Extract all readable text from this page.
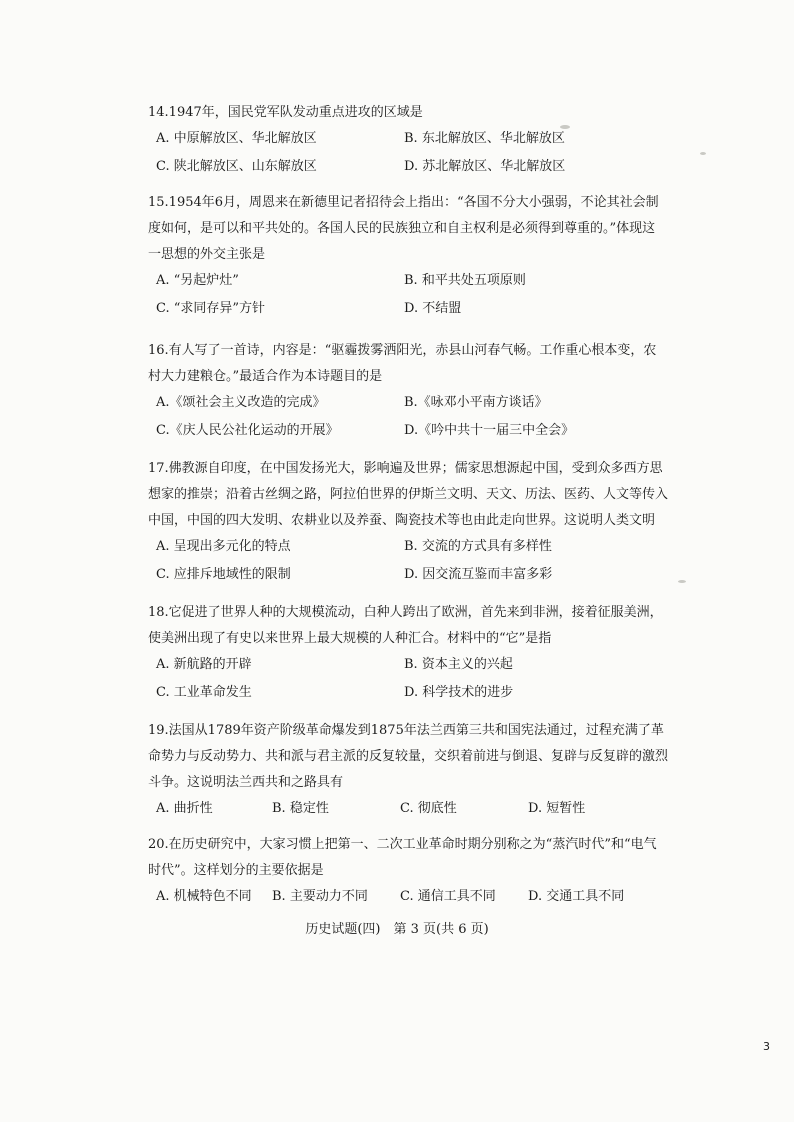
14.1947年，国民党军队发动重点进攻的区域是
A. 中原解放区、华北解放区	B. 东北解放区、华北解放区
C. 陕北解放区、山东解放区	D. 苏北解放区、华北解放区
15.1954年6月，周恩来在新德里记者招待会上指出：“各国不分大小强弱，不论其社会制度如何，是可以和平共处的。各国人民的民族独立和自主权利是必须得到尊重的。”体现这一思想的外交主张是
A. “另起炉灶”	B. 和平共处五项原则
C. “求同存异”方针	D. 不结盟
16.有人写了一首诗，内容是：“驱霾拨雾洒阳光，赤县山河春气畅。工作重心根本变，农村大力建粮仓。”最适合作为本诗题目的是
A.《颂社会主义改造的完成》	B.《咏邓小平南方谈话》
C.《庆人民公社化运动的开展》	D.《吟中共十一届三中全会》
17.佛教源自印度，在中国发扬光大，影响遍及世界；儒家思想源起中国，受到众多西方思想家的推崇；沿着古丝绸之路，阿拉伯世界的伊斯兰文明、天文、历法、医药、人文等传入中国，中国的四大发明、农耕业以及养蚕、陶瓷技术等也由此走向世界。这说明人类文明
A. 呈现出多元化的特点	B. 交流的方式具有多样性
C. 应排斥地域性的限制	D. 因交流互鉴而丰富多彩
18.它促进了世界人种的大规模流动，白种人跨出了欧洲，首先来到非洲，接着征服美洲，使美洲出现了有史以来世界上最大规模的人种汇合。材料中的“它”是指
A. 新航路的开辟	B. 资本主义的兴起
C. 工业革命发生	D. 科学技术的进步
19.法国从1789年资产阶级革命爆发到1875年法兰西第三共和国宪法通过，过程充满了革命势力与反动势力、共和派与君主派的反复较量，交织着前进与倒退、复辟与反复辟的激烈斗争。这说明法兰西共和之路具有
A. 曲折性	B. 稳定性	C. 彻底性	D. 短暂性
20.在历史研究中，大家习惯上把第一、二次工业革命时期分别称之为“蒸汽时代”和“电气时代”。这样划分的主要依据是
A. 机械特色不同 B. 主要动力不同 C. 通信工具不同 D. 交通工具不同
历史试题(四)　第 3 页(共 6 页)
3
